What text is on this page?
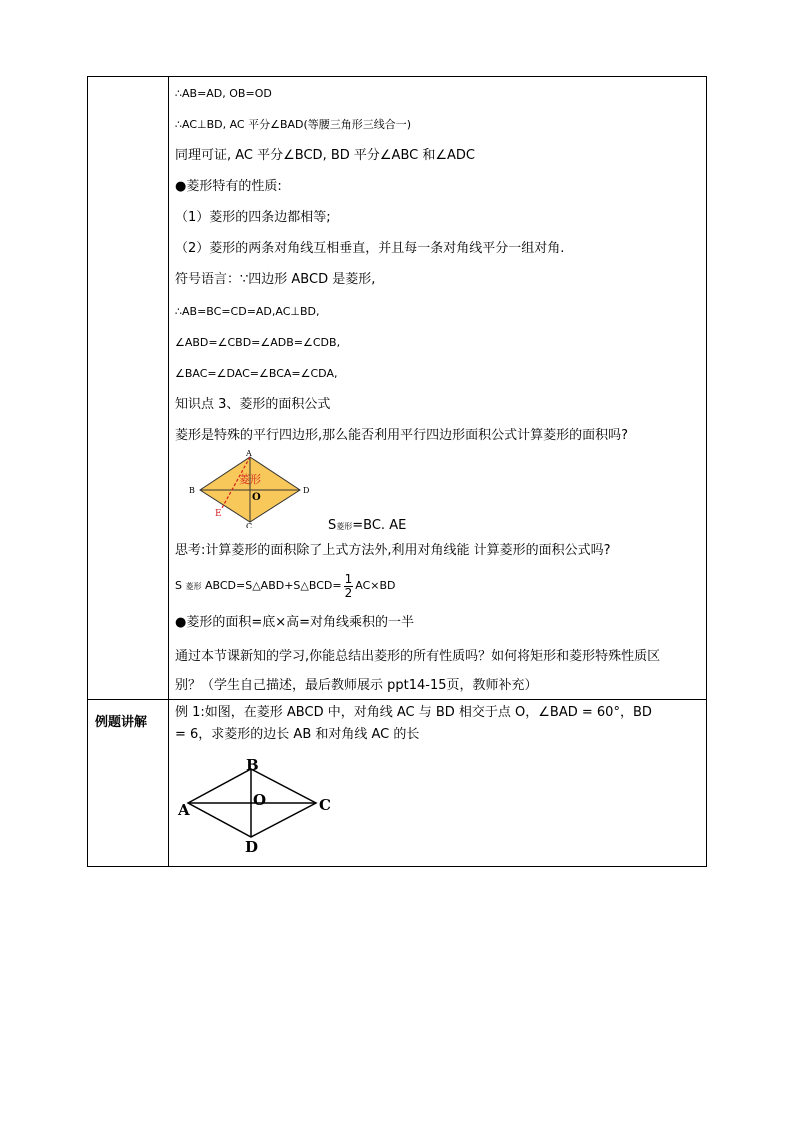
∴AB=AD, OB=OD
∴AC⊥BD, AC 平分∠BAD(等腰三角形三线合一)
同理可证, AC 平分∠BCD, BD 平分∠ABC 和∠ADC
●菱形特有的性质:
（1）菱形的四条边都相等;
（2）菱形的两条对角线互相垂直，并且每一条对角线平分一组对角.
符号语言：∵四边形 ABCD 是菱形,
∴AB=BC=CD=AD,AC⊥BD,
∠ABD=∠CBD=∠ADB=∠CDB,
∠BAC=∠DAC=∠BCA=∠CDA,
知识点 3、菱形的面积公式
菱形是特殊的平行四边形,那么能否利用平行四边形面积公式计算菱形的面积吗?
A
B
C
D
O
E
菱形
S菱形=BC. AE
思考:计算菱形的面积除了上式方法外,利用对角线能 计算菱形的面积公式吗?
S 菱形 ABCD=S△ABD+S△BCD= $\frac{1}{2} AC\times BD$
●菱形的面积=底×高=对角线乘积的一半
通过本节课新知的学习,你能总结出菱形的所有性质吗？如何将矩形和菱形特殊性质区
别？（学生自己描述，最后教师展示 ppt14-15页，教师补充）
例题讲解
例 1:如图，在菱形 ABCD 中，对角线 AC 与 BD 相交于点 O，∠BAD = 60°，BD
= 6，求菱形的边长 AB 和对角线 AC 的长
A
B
C
D
O
